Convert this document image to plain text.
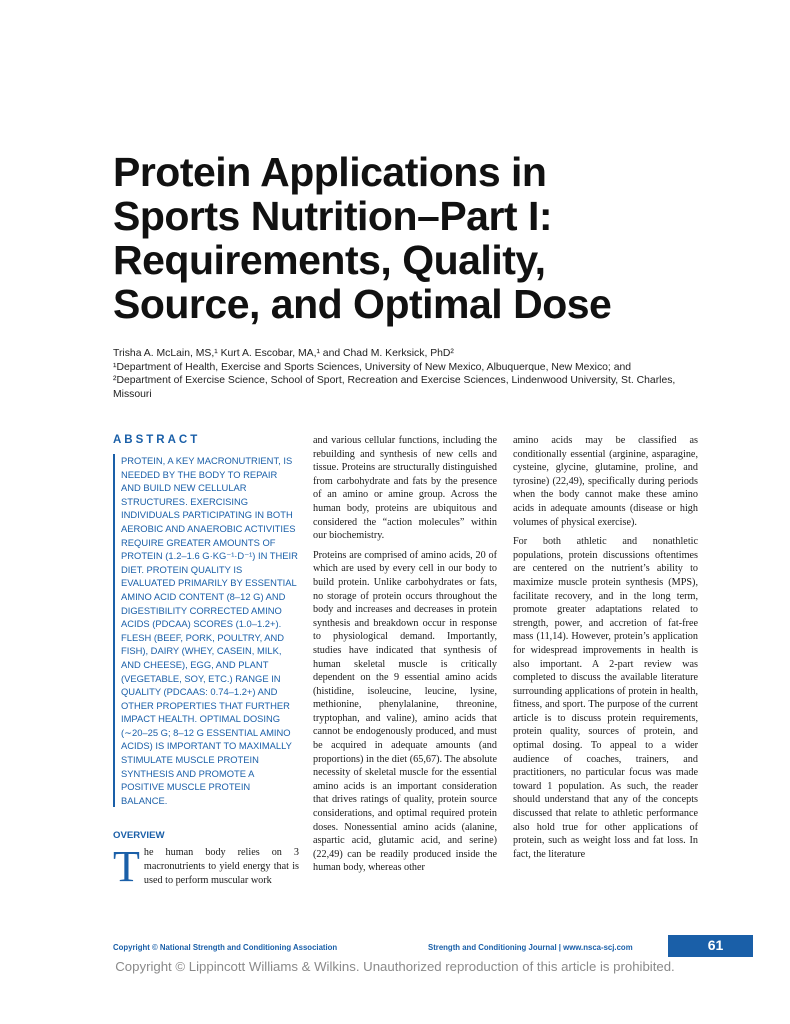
Protein Applications in
Sports Nutrition–Part I:
Requirements, Quality,
Source, and Optimal Dose
Trisha A. McLain, MS,¹ Kurt A. Escobar, MA,¹ and Chad M. Kerksick, PhD²
¹Department of Health, Exercise and Sports Sciences, University of New Mexico, Albuquerque, New Mexico; and
²Department of Exercise Science, School of Sport, Recreation and Exercise Sciences, Lindenwood University, St. Charles, Missouri
ABSTRACT
PROTEIN, A KEY MACRONUTRIENT, IS NEEDED BY THE BODY TO REPAIR AND BUILD NEW CELLULAR STRUCTURES. EXERCISING INDIVIDUALS PARTICIPATING IN BOTH AEROBIC AND ANAEROBIC ACTIVITIES REQUIRE GREATER AMOUNTS OF PROTEIN (1.2–1.6 G·KG⁻¹·D⁻¹) IN THEIR DIET. PROTEIN QUALITY IS EVALUATED PRIMARILY BY ESSENTIAL AMINO ACID CONTENT (8–12 G) AND DIGESTIBILITY CORRECTED AMINO ACIDS (PDCAA) SCORES (1.0–1.2+). FLESH (BEEF, PORK, POULTRY, AND FISH), DAIRY (WHEY, CASEIN, MILK, AND CHEESE), EGG, AND PLANT (VEGETABLE, SOY, ETC.) RANGE IN QUALITY (PDCAAS: 0.74–1.2+) AND OTHER PROPERTIES THAT FURTHER IMPACT HEALTH. OPTIMAL DOSING (∼20–25 G; 8–12 G ESSENTIAL AMINO ACIDS) IS IMPORTANT TO MAXIMALLY STIMULATE MUSCLE PROTEIN SYNTHESIS AND PROMOTE A POSITIVE MUSCLE PROTEIN BALANCE.
OVERVIEW
T he human body relies on 3 macronutrients to yield energy that is used to perform muscular work

and various cellular functions, including the rebuilding and synthesis of new cells and tissue. Proteins are structurally distinguished from carbohydrate and fats by the presence of an amino or amine group. Across the human body, proteins are ubiquitous and considered the “action molecules” within our biochemistry.

Proteins are comprised of amino acids, 20 of which are used by every cell in our body to build protein. Unlike carbohydrates or fats, no storage of protein occurs throughout the body and increases and decreases in protein synthesis and breakdown occur in response to physiological demand. Importantly, studies have indicated that synthesis of human skeletal muscle is critically dependent on the 9 essential amino acids (histidine, isoleucine, leucine, lysine, methionine, phenylalanine, threonine, tryptophan, and valine), amino acids that cannot be endogenously produced, and must be acquired in adequate amounts (and proportions) in the diet (65,67). The absolute necessity of skeletal muscle for the essential amino acids is an important consideration that drives ratings of quality, protein source considerations, and optimal required protein doses. Nonessential amino acids (alanine, aspartic acid, glutamic acid, and serine) (22,49) can be readily produced inside the human body, whereas other

amino acids may be classified as conditionally essential (arginine, asparagine, cysteine, glycine, glutamine, proline, and tyrosine) (22,49), specifically during periods when the body cannot make these amino acids in adequate amounts (disease or high volumes of physical exercise).

For both athletic and nonathletic populations, protein discussions oftentimes are centered on the nutrient’s ability to maximize muscle protein synthesis (MPS), facilitate recovery, and in the long term, promote greater adaptations related to strength, power, and accretion of fat-free mass (11,14). However, protein’s application for widespread improvements in health is also important. A 2-part review was completed to discuss the available literature surrounding applications of protein in health, fitness, and sport. The purpose of the current article is to discuss protein requirements, protein quality, sources of protein, and optimal dosing. To appeal to a wider audience of coaches, trainers, and practitioners, no particular focus was made toward 1 population. As such, the reader should understand that any of the concepts discussed that relate to athletic performance also hold true for other applications of protein, such as weight loss and fat loss. In fact, the literature

Copyright © National Strength and Conditioning Association	Strength and Conditioning Journal | www.nsca-scj.com	61
Copyright © Lippincott Williams & Wilkins. Unauthorized reproduction of this article is prohibited.
